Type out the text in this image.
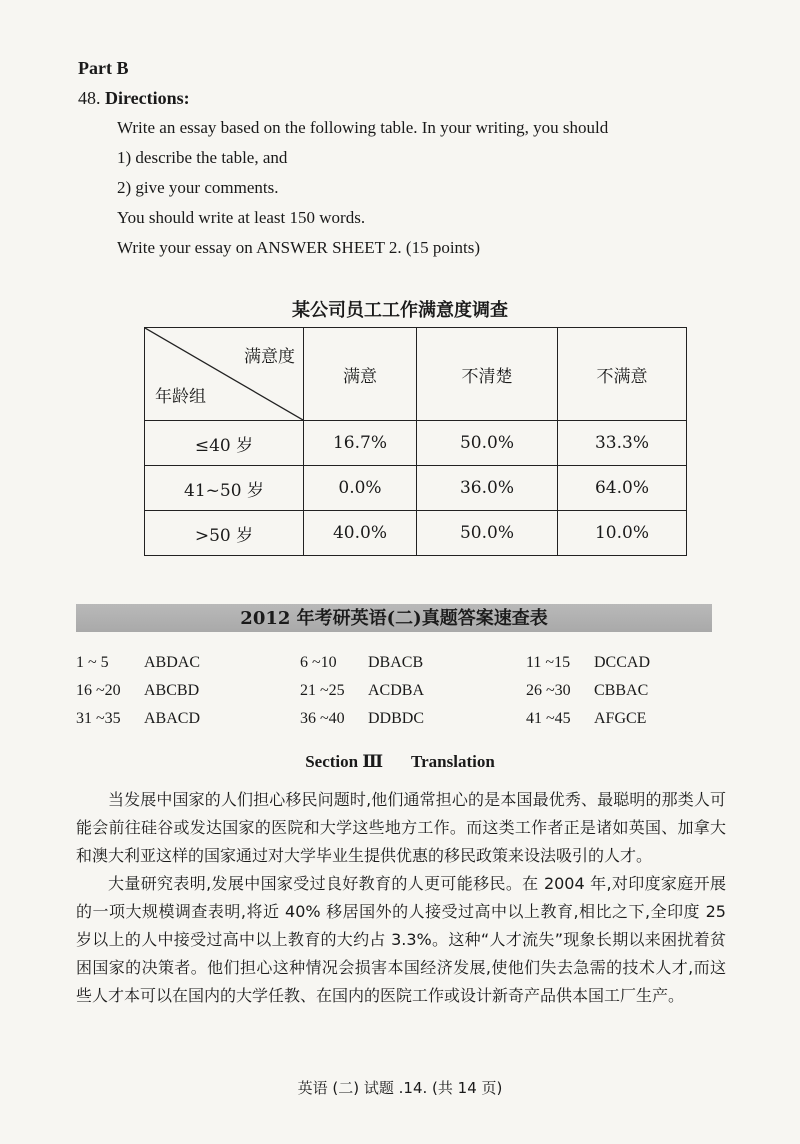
Part B
48. Directions:
Write an essay based on the following table. In your writing, you should
1) describe the table, and
2) give your comments.
You should write at least 150 words.
Write your essay on ANSWER SHEET 2. (15 points)
某公司员工工作满意度调查
满意度
年龄组	满意	不清楚	不满意
≤40 岁	16.7%	50.0%	33.3%
41~50 岁	0.0%	36.0%	64.0%
>50 岁	40.0%	50.0%	10.0%
2012 年考研英语(二)真题答案速查表
1 ~ 5 ABDAC	6 ~10 DBACB	11 ~15 DCCAD
16 ~20 ABCBD	21 ~25 ACDBA	26 ~30 CBBAC
31 ~35 ABACD	36 ~40 DDBDC	41 ~45 AFGCE
Section Ⅲ Translation

当发展中国家的人们担心移民问题时,他们通常担心的是本国最优秀、最聪明的那类人可能会前往硅谷或发达国家的医院和大学这些地方工作。而这类工作者正是诸如英国、加拿大和澳大利亚这样的国家通过对大学毕业生提供优惠的移民政策来设法吸引的人才。

大量研究表明,发展中国家受过良好教育的人更可能移民。在 2004 年,对印度家庭开展的一项大规模调查表明,将近 40% 移居国外的人接受过高中以上教育,相比之下,全印度 25 岁以上的人中接受过高中以上教育的大约占 3.3%。这种“人才流失”现象长期以来困扰着贫困国家的决策者。他们担心这种情况会损害本国经济发展,使他们失去急需的技术人才,而这些人才本可以在国内的大学任教、在国内的医院工作或设计新奇产品供本国工厂生产。

英语 (二) 试题 .14. (共 14 页)
